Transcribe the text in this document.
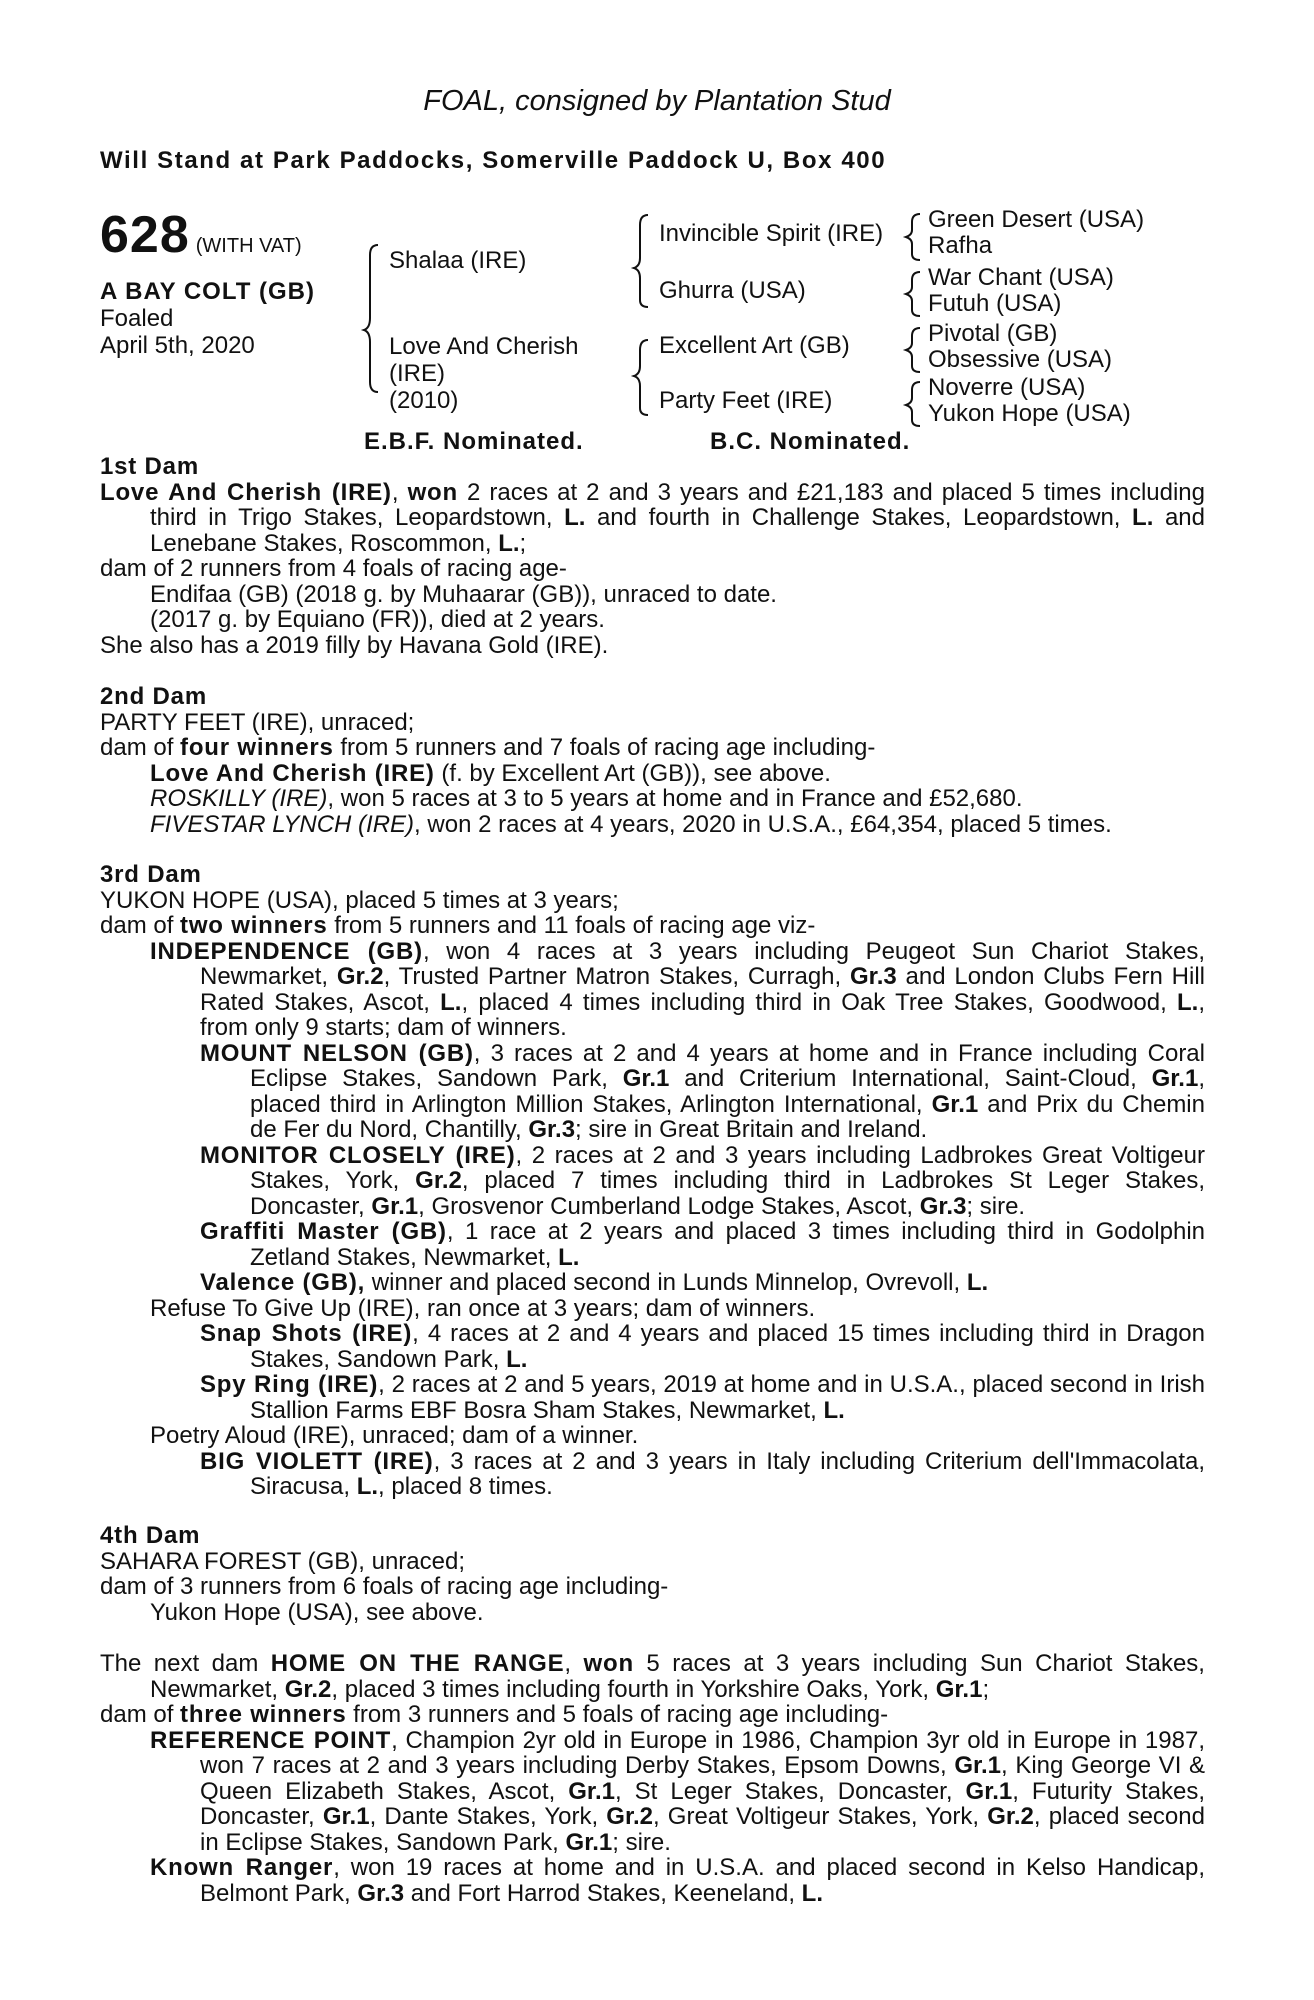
FOAL, consigned by Plantation Stud
Will Stand at Park Paddocks, Somerville Paddock U, Box 400
628 (WITH VAT)
A BAY COLT (GB)
Foaled
April 5th, 2020
Shalaa (IRE)
Love And Cherish
(IRE)
(2010)
Invincible Spirit (IRE)
Ghurra (USA)
Excellent Art (GB)
Party Feet (IRE)
Green Desert (USA)
Rafha
War Chant (USA)
Futuh (USA)
Pivotal (GB)
Obsessive (USA)
Noverre (USA)
Yukon Hope (USA)
E.B.F. Nominated.	B.C. Nominated.
1st Dam
Love And Cherish (IRE), won 2 races at 2 and 3 years and £21,183 and placed 5 times including third in Trigo Stakes, Leopardstown, L. and fourth in Challenge Stakes, Leopardstown, L. and Lenebane Stakes, Roscommon, L.;
dam of 2 runners from 4 foals of racing age-
Endifaa (GB) (2018 g. by Muhaarar (GB)), unraced to date.
(2017 g. by Equiano (FR)), died at 2 years.
She also has a 2019 filly by Havana Gold (IRE).
2nd Dam
PARTY FEET (IRE), unraced;
dam of four winners from 5 runners and 7 foals of racing age including-
Love And Cherish (IRE) (f. by Excellent Art (GB)), see above.
ROSKILLY (IRE), won 5 races at 3 to 5 years at home and in France and £52,680.
FIVESTAR LYNCH (IRE), won 2 races at 4 years, 2020 in U.S.A., £64,354, placed 5 times.
3rd Dam
YUKON HOPE (USA), placed 5 times at 3 years;
dam of two winners from 5 runners and 11 foals of racing age viz-
INDEPENDENCE (GB), won 4 races at 3 years including Peugeot Sun Chariot Stakes, Newmarket, Gr.2, Trusted Partner Matron Stakes, Curragh, Gr.3 and London Clubs Fern Hill Rated Stakes, Ascot, L., placed 4 times including third in Oak Tree Stakes, Goodwood, L., from only 9 starts; dam of winners.
MOUNT NELSON (GB), 3 races at 2 and 4 years at home and in France including Coral Eclipse Stakes, Sandown Park, Gr.1 and Criterium International, Saint-Cloud, Gr.1, placed third in Arlington Million Stakes, Arlington International, Gr.1 and Prix du Chemin de Fer du Nord, Chantilly, Gr.3; sire in Great Britain and Ireland.
MONITOR CLOSELY (IRE), 2 races at 2 and 3 years including Ladbrokes Great Voltigeur Stakes, York, Gr.2, placed 7 times including third in Ladbrokes St Leger Stakes, Doncaster, Gr.1, Grosvenor Cumberland Lodge Stakes, Ascot, Gr.3; sire.
Graffiti Master (GB), 1 race at 2 years and placed 3 times including third in Godolphin Zetland Stakes, Newmarket, L.
Valence (GB), winner and placed second in Lunds Minnelop, Ovrevoll, L.
Refuse To Give Up (IRE), ran once at 3 years; dam of winners.
Snap Shots (IRE), 4 races at 2 and 4 years and placed 15 times including third in Dragon Stakes, Sandown Park, L.
Spy Ring (IRE), 2 races at 2 and 5 years, 2019 at home and in U.S.A., placed second in Irish Stallion Farms EBF Bosra Sham Stakes, Newmarket, L.
Poetry Aloud (IRE), unraced; dam of a winner.
BIG VIOLETT (IRE), 3 races at 2 and 3 years in Italy including Criterium dell'Immacolata, Siracusa, L., placed 8 times.
4th Dam
SAHARA FOREST (GB), unraced;
dam of 3 runners from 6 foals of racing age including-
Yukon Hope (USA), see above.
The next dam HOME ON THE RANGE, won 5 races at 3 years including Sun Chariot Stakes, Newmarket, Gr.2, placed 3 times including fourth in Yorkshire Oaks, York, Gr.1;
dam of three winners from 3 runners and 5 foals of racing age including-
REFERENCE POINT, Champion 2yr old in Europe in 1986, Champion 3yr old in Europe in 1987, won 7 races at 2 and 3 years including Derby Stakes, Epsom Downs, Gr.1, King George VI & Queen Elizabeth Stakes, Ascot, Gr.1, St Leger Stakes, Doncaster, Gr.1, Futurity Stakes, Doncaster, Gr.1, Dante Stakes, York, Gr.2, Great Voltigeur Stakes, York, Gr.2, placed second in Eclipse Stakes, Sandown Park, Gr.1; sire.
Known Ranger, won 19 races at home and in U.S.A. and placed second in Kelso Handicap, Belmont Park, Gr.3 and Fort Harrod Stakes, Keeneland, L.
